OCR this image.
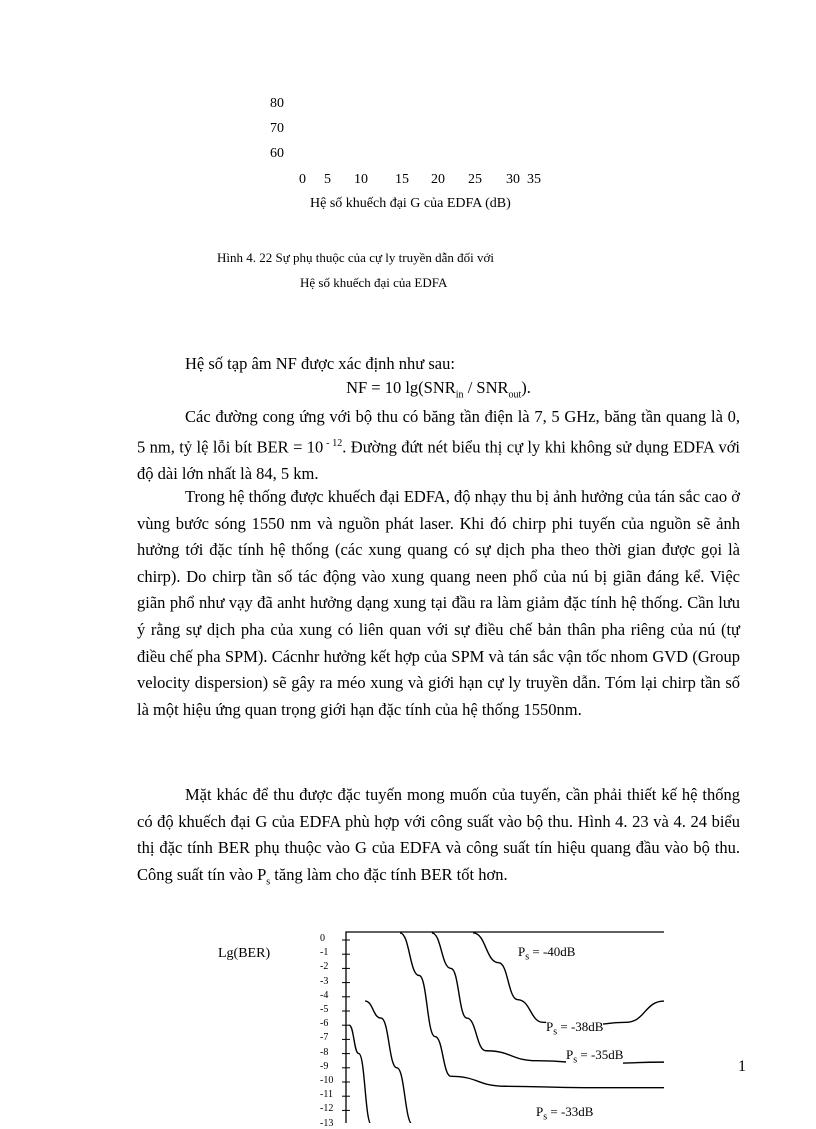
80
70
60
0 5 10 15 20 25 30 35
Hệ số khuếch đại G của EDFA (dB)
Hình 4. 22 Sự phụ thuộc của cự ly truyền dẫn đối với
Hệ số khuếch đại của EDFA

Hệ số tạp âm NF được xác định như sau:

NF = 10 $\lg(SNR_{in} / SNR_{out})$.

Các đường cong ứng với bộ thu có băng tần điện là 7, 5 GHz, băng tần quang là 0, 5 nm, tỷ lệ lỗi bít BER = 10 $^{- 12}$. Đường đứt nét biểu thị cự ly khi không sử dụng EDFA với độ dài lớn nhất là 84, 5 km.

Trong hệ thống được khuếch đại EDFA, độ nhạy thu bị ảnh hưởng của tán sắc cao ở vùng bước sóng 1550 nm và nguồn phát laser. Khi đó chirp phi tuyến của nguồn sẽ ảnh hưởng tới đặc tính hệ thống (các xung quang có sự dịch pha theo thời gian được gọi là chirp). Do chirp tần số tác động vào xung quang neen phổ của nú bị giãn đáng kể. Việc giãn phổ như vạy đã anht hưởng dạng xung tại đầu ra làm giảm đặc tính hệ thống. Cần lưu ý rằng sự dịch pha của xung có liên quan với sự điều chế bản thân pha riêng của nú (tự điều chế pha SPM). Cácnhr hưởng kết hợp của SPM và tán sắc vận tốc nhom GVD (Group velocity dispersion) sẽ gây ra méo xung và giới hạn cự ly truyền dẫn. Tóm lại chirp tần số là một hiệu ứng quan trọng giới hạn đặc tính của hệ thống 1550nm.

Mặt khác để thu được đặc tuyến mong muốn của tuyến, cần phải thiết kế hệ thống có độ khuếch đại G của EDFA phù hợp với công suất vào bộ thu. Hình 4. 23 và 4. 24 biểu thị đặc tính BER phụ thuộc vào G của EDFA và công suất tín hiệu quang đầu vào bộ thu. Công suất tín vào $P_s$ tăng làm cho đặc tính BER tốt hơn.

Lg(BER)
0
-1
-2
-3
-4
-5
-6
-7
-8
-9
-10
-11
-12
-13
$P_s = -40dB$
$P_s = -38dB$
$P_s = -35dB$
$P_s = -33dB$
1
